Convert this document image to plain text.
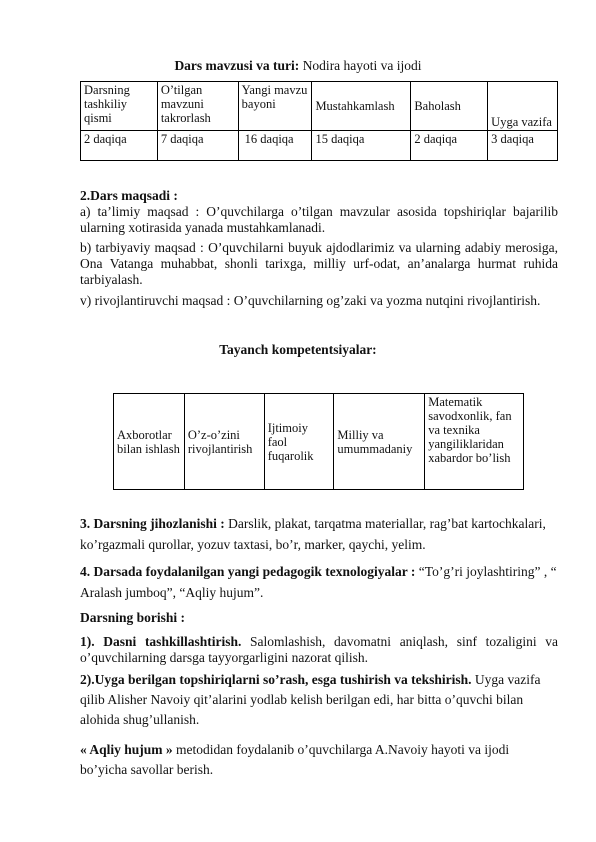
Dars mavzusi va turi: Nodira hayoti va ijodi
Darsning tashkiliy qismi	O’tilgan mavzuni takrorlash	Yangi mavzu bayoni	Mustahkamlash	Baholash	Uyga vazifa
2 daqiqa	7 daqiqa	16 daqiqa	15 daqiqa	2 daqiqa	3 daqiqa
2.Dars maqsadi :
a) ta’limiy maqsad : O’quvchilarga o’tilgan mavzular asosida topshiriqlar bajarilib ularning xotirasida yanada mustahkamlanadi.
b) tarbiyaviy maqsad : O’quvchilarni buyuk ajdodlarimiz va ularning adabiy merosiga, Ona Vatanga muhabbat, shonli tarixga, milliy urf-odat, an’analarga hurmat ruhida tarbiyalash.
v) rivojlantiruvchi maqsad : O’quvchilarning og’zaki va yozma nutqini rivojlantirish.
Tayanch kompetentsiyalar:
Axborotlar bilan ishlash	O’z-o’zini rivojlantirish	Ijtimoiy faol fuqarolik	Milliy va umummadaniy	Matematik savodxonlik, fan va texnika yangiliklaridan xabardor bo’lish
3. Darsning jihozlanishi : Darslik, plakat, tarqatma materiallar, rag’bat kartochkalari, ko’rgazmali qurollar, yozuv taxtasi, bo’r, marker, qaychi, yelim.
4. Darsada foydalanilgan yangi pedagogik texnologiyalar : “To’g’ri joylashtiring” , “ Aralash jumboq”, “Aqliy hujum”.
Darsning borishi :
1). Dasni tashkillashtirish. Salomlashish, davomatni aniqlash, sinf tozaligini va o’quvchilarning darsga tayyorgarligini nazorat qilish.
2).Uyga berilgan topshiriqlarni so’rash, esga tushirish va tekshirish. Uyga vazifa qilib Alisher Navoiy qit’alarini yodlab kelish berilgan edi, har bitta o’quvchi bilan alohida shug’ullanish.
« Aqliy hujum » metodidan foydalanib o’quvchilarga A.Navoiy hayoti va ijodi bo’yicha savollar berish.
